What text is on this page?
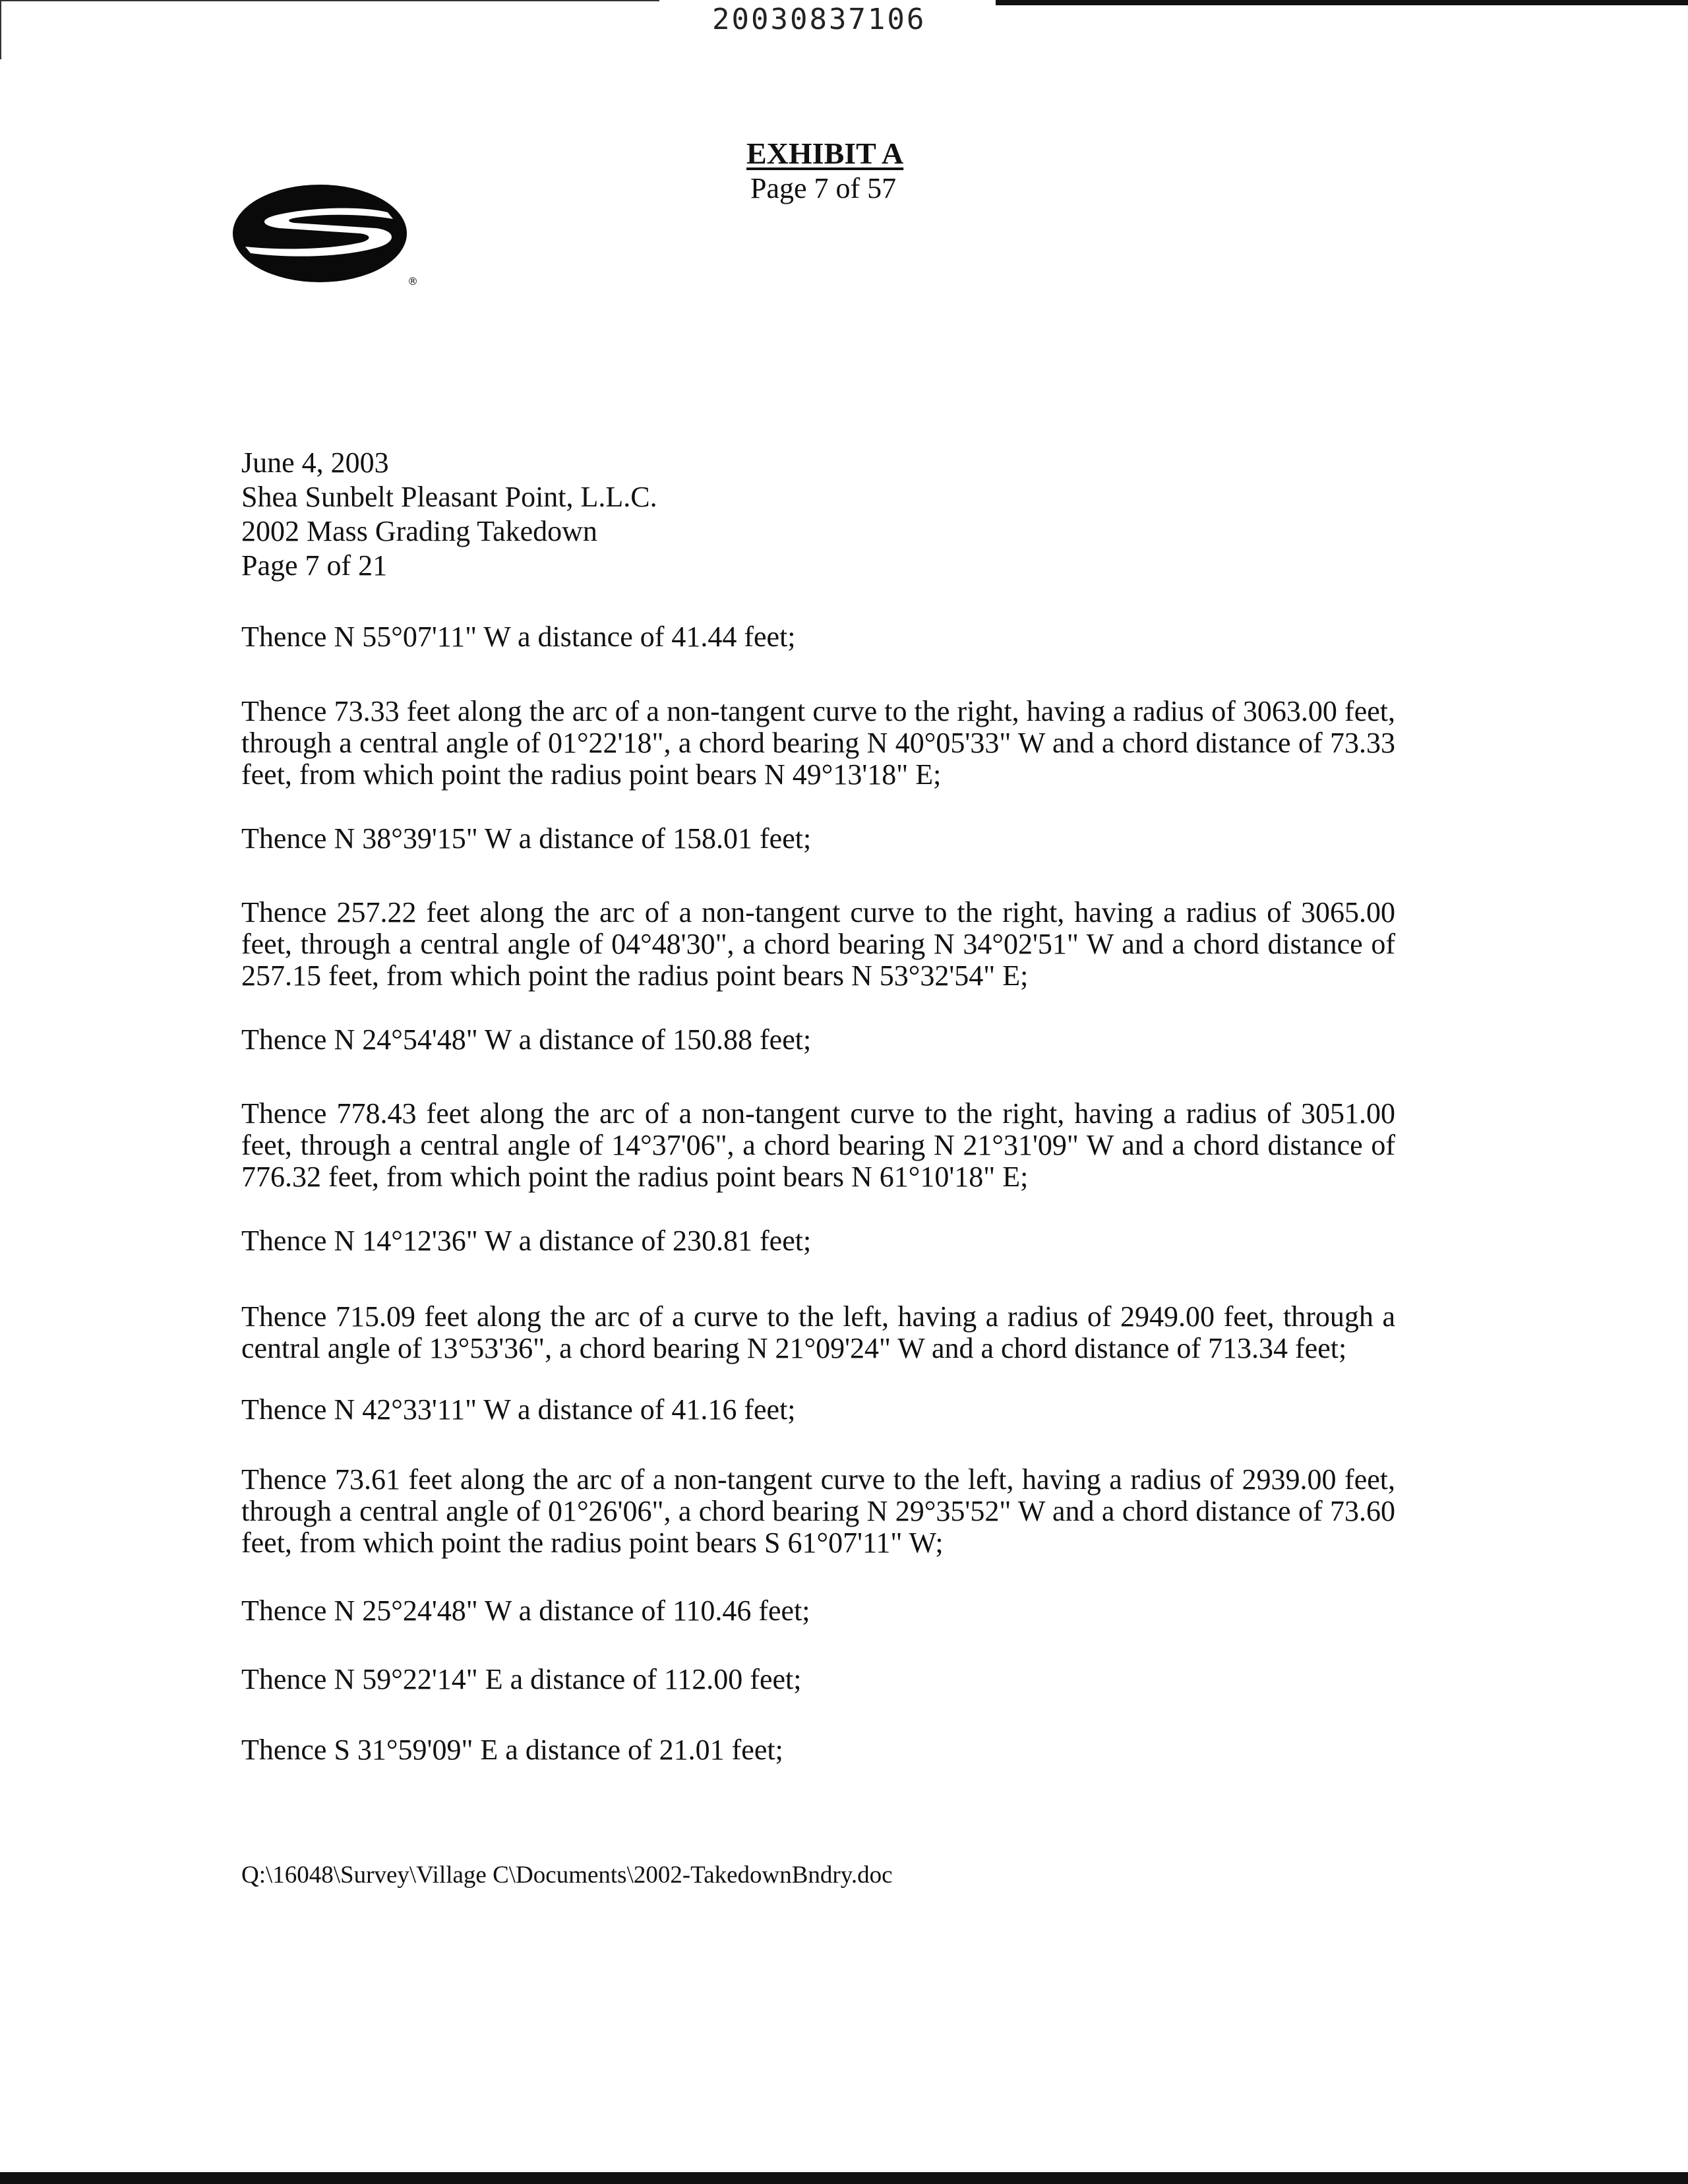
20030837106
EXHIBIT A
Page 7 of 57
®
June 4, 2003
Shea Sunbelt Pleasant Point, L.L.C.
2002 Mass Grading Takedown
Page 7 of 21
Thence N 55°07'11" W a distance of 41.44 feet;
Thence 73.33 feet along the arc of a non-tangent curve to the right, having a radius of 3063.00 feet, through a central angle of 01°22'18", a chord bearing N 40°05'33" W and a chord distance of 73.33 feet, from which point the radius point bears N 49°13'18" E;
Thence N 38°39'15" W a distance of 158.01 feet;
Thence 257.22 feet along the arc of a non-tangent curve to the right, having a radius of 3065.00 feet, through a central angle of 04°48'30", a chord bearing N 34°02'51" W and a chord distance of 257.15 feet, from which point the radius point bears N 53°32'54" E;
Thence N 24°54'48" W a distance of 150.88 feet;
Thence 778.43 feet along the arc of a non-tangent curve to the right, having a radius of 3051.00 feet, through a central angle of 14°37'06", a chord bearing N 21°31'09" W and a chord distance of 776.32 feet, from which point the radius point bears N 61°10'18" E;
Thence N 14°12'36" W a distance of 230.81 feet;
Thence 715.09 feet along the arc of a curve to the left, having a radius of 2949.00 feet, through a central angle of 13°53'36", a chord bearing N 21°09'24" W and a chord distance of 713.34 feet;
Thence N 42°33'11" W a distance of 41.16 feet;
Thence 73.61 feet along the arc of a non-tangent curve to the left, having a radius of 2939.00 feet, through a central angle of 01°26'06", a chord bearing N 29°35'52" W and a chord distance of 73.60 feet, from which point the radius point bears S 61°07'11" W;
Thence N 25°24'48" W a distance of 110.46 feet;
Thence N 59°22'14" E a distance of 112.00 feet;
Thence S 31°59'09" E a distance of 21.01 feet;
Q:\16048\Survey\Village C\Documents\2002-TakedownBndry.doc
